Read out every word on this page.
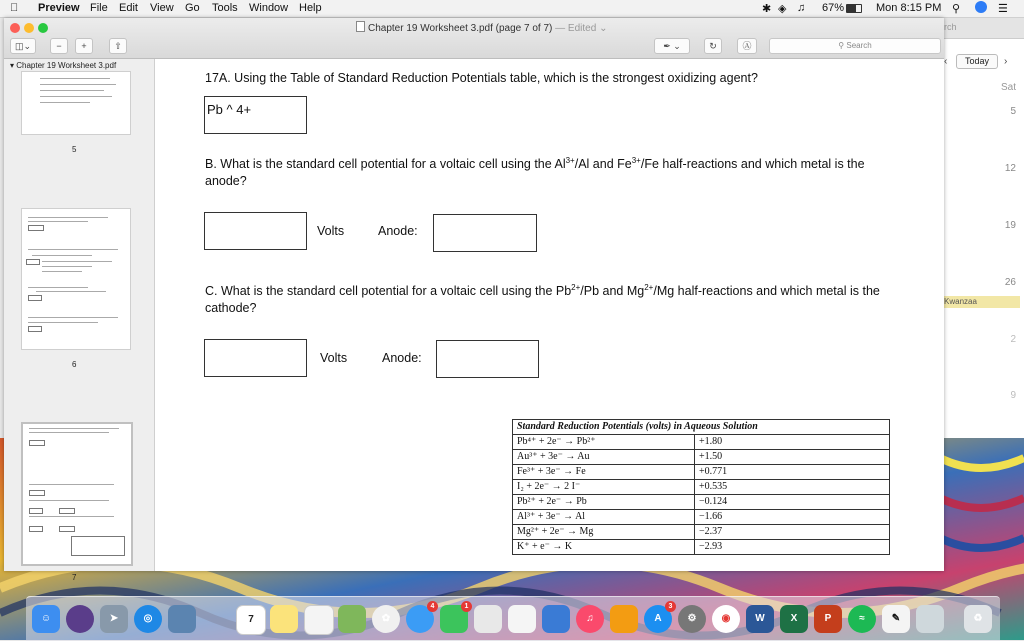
Preview File Edit View Go Tools Window Help	✱ ◈ ♫ 67%	Mon 8:15 PM ⚲	☰
rch
‹	Today	›
Sat
5
12
19
26
Kwanzaa
2
9
☺	➤	◎	7	✿
4	1
♫	A
3
⚙	◉	W	X	P	≈	✎	♻
Chapter 19 Worksheet 3.pdf (page 7 of 7) — Edited ⌄
◫⌄	−	+	⇧	✒ ⌄	↻	Ⓐ	⚲ Search
▾ Chapter 19 Worksheet 3.pdf
5
6
7
17A. Using the Table of Standard Reduction Potentials table, which is the strongest oxidizing agent?
Pb ^ 4+
B. What is the standard cell potential for a voltaic cell using the $Al^{3+}/Al$ and $Fe^{3+}/Fe$ half-reactions and which metal is the anode?
Volts	Anode:
C. What is the standard cell potential for a voltaic cell using the $Pb^{2+}/Pb$ and $Mg^{2+}/Mg$ half-reactions and which metal is the cathode?
Volts	Anode:
Standard Reduction Potentials (volts) in Aqueous Solution	
Pb⁴⁺ + 2e⁻ → Pb²⁺	+1.80
Au³⁺ + 3e⁻ → Au	+1.50
Fe³⁺ + 3e⁻ → Fe	+0.771
I₂ + 2e⁻ → 2 I⁻	+0.535
Pb²⁺ + 2e⁻ → Pb	−0.124
Al³⁺ + 3e⁻ → Al	−1.66
Mg²⁺ + 2e⁻ → Mg	−2.37
K⁺ + e⁻ → K	−2.93
